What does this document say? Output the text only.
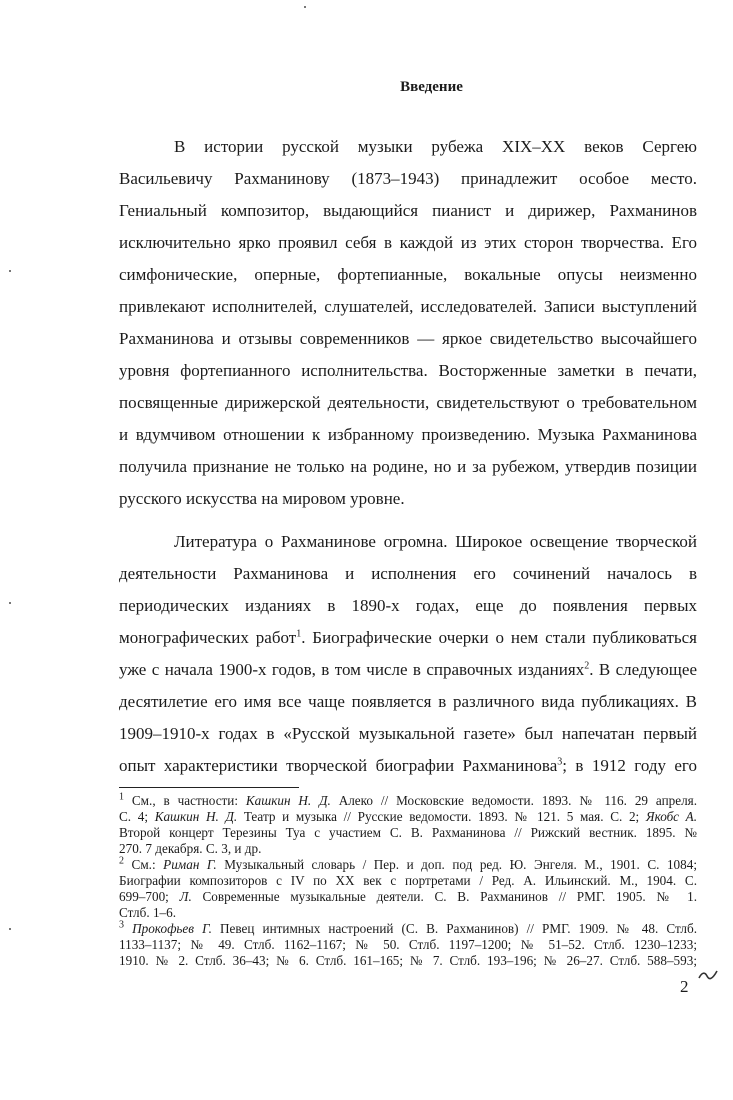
Введение
В истории русской музыки рубежа XIX–XX веков Сергею
Васильевичу Рахманинову (1873–1943) принадлежит особое место.
Гениальный композитор, выдающийся пианист и дирижер, Рахманинов
исключительно ярко проявил себя в каждой из этих сторон творчества. Его
симфонические, оперные, фортепианные, вокальные опусы неизменно
привлекают исполнителей, слушателей, исследователей. Записи выступлений
Рахманинова и отзывы современников — яркое свидетельство высочайшего
уровня фортепианного исполнительства. Восторженные заметки в печати,
посвященные дирижерской деятельности, свидетельствуют о требовательном
и вдумчивом отношении к избранному произведению. Музыка Рахманинова
получила признание не только на родине, но и за рубежом, утвердив позиции
русского искусства на мировом уровне.
Литература о Рахманинове огромна. Широкое освещение творческой
деятельности Рахманинова и исполнения его сочинений началось в
периодических изданиях в 1890-х годах, еще до появления первых
монографических работ$^1$. Биографические очерки о нем стали публиковаться
уже с начала 1900-х годов, в том числе в справочных изданиях$^2$. В следующее
десятилетие его имя все чаще появляется в различного вида публикациях. В
1909–1910-х годах в «Русской музыкальной газете» был напечатан первый
опыт характеристики творческой биографии Рахманинова$^3$; в 1912 году его
$^1$ См., в частности: Кашкин Н. Д. Алеко // Московские ведомости. 1893. № 116. 29 апреля.
С. 4; Кашкин Н. Д. Театр и музыка // Русские ведомости. 1893. № 121. 5 мая. С. 2; Якобс А.
Второй концерт Терезины Туа с участием С. В. Рахманинова // Рижский вестник. 1895. №
270. 7 декабря. С. 3, и др.
$^2$ См.: Риман Г. Музыкальный словарь / Пер. и доп. под ред. Ю. Энгеля. М., 1901. С. 1084;
Биографии композиторов с IV по XX век с портретами / Ред. А. Ильинский. М., 1904. С.
699–700; Л. Современные музыкальные деятели. С. В. Рахманинов // РМГ. 1905. № 1.
Стлб. 1–6.
$^3$ Прокофьев Г. Певец интимных настроений (С. В. Рахманинов) // РМГ. 1909. № 48. Стлб.
1133–1137; № 49. Стлб. 1162–1167; № 50. Стлб. 1197–1200; № 51–52. Стлб. 1230–1233;
1910. № 2. Стлб. 36–43; № 6. Стлб. 161–165; № 7. Стлб. 193–196; № 26–27. Стлб. 588–593;
2
